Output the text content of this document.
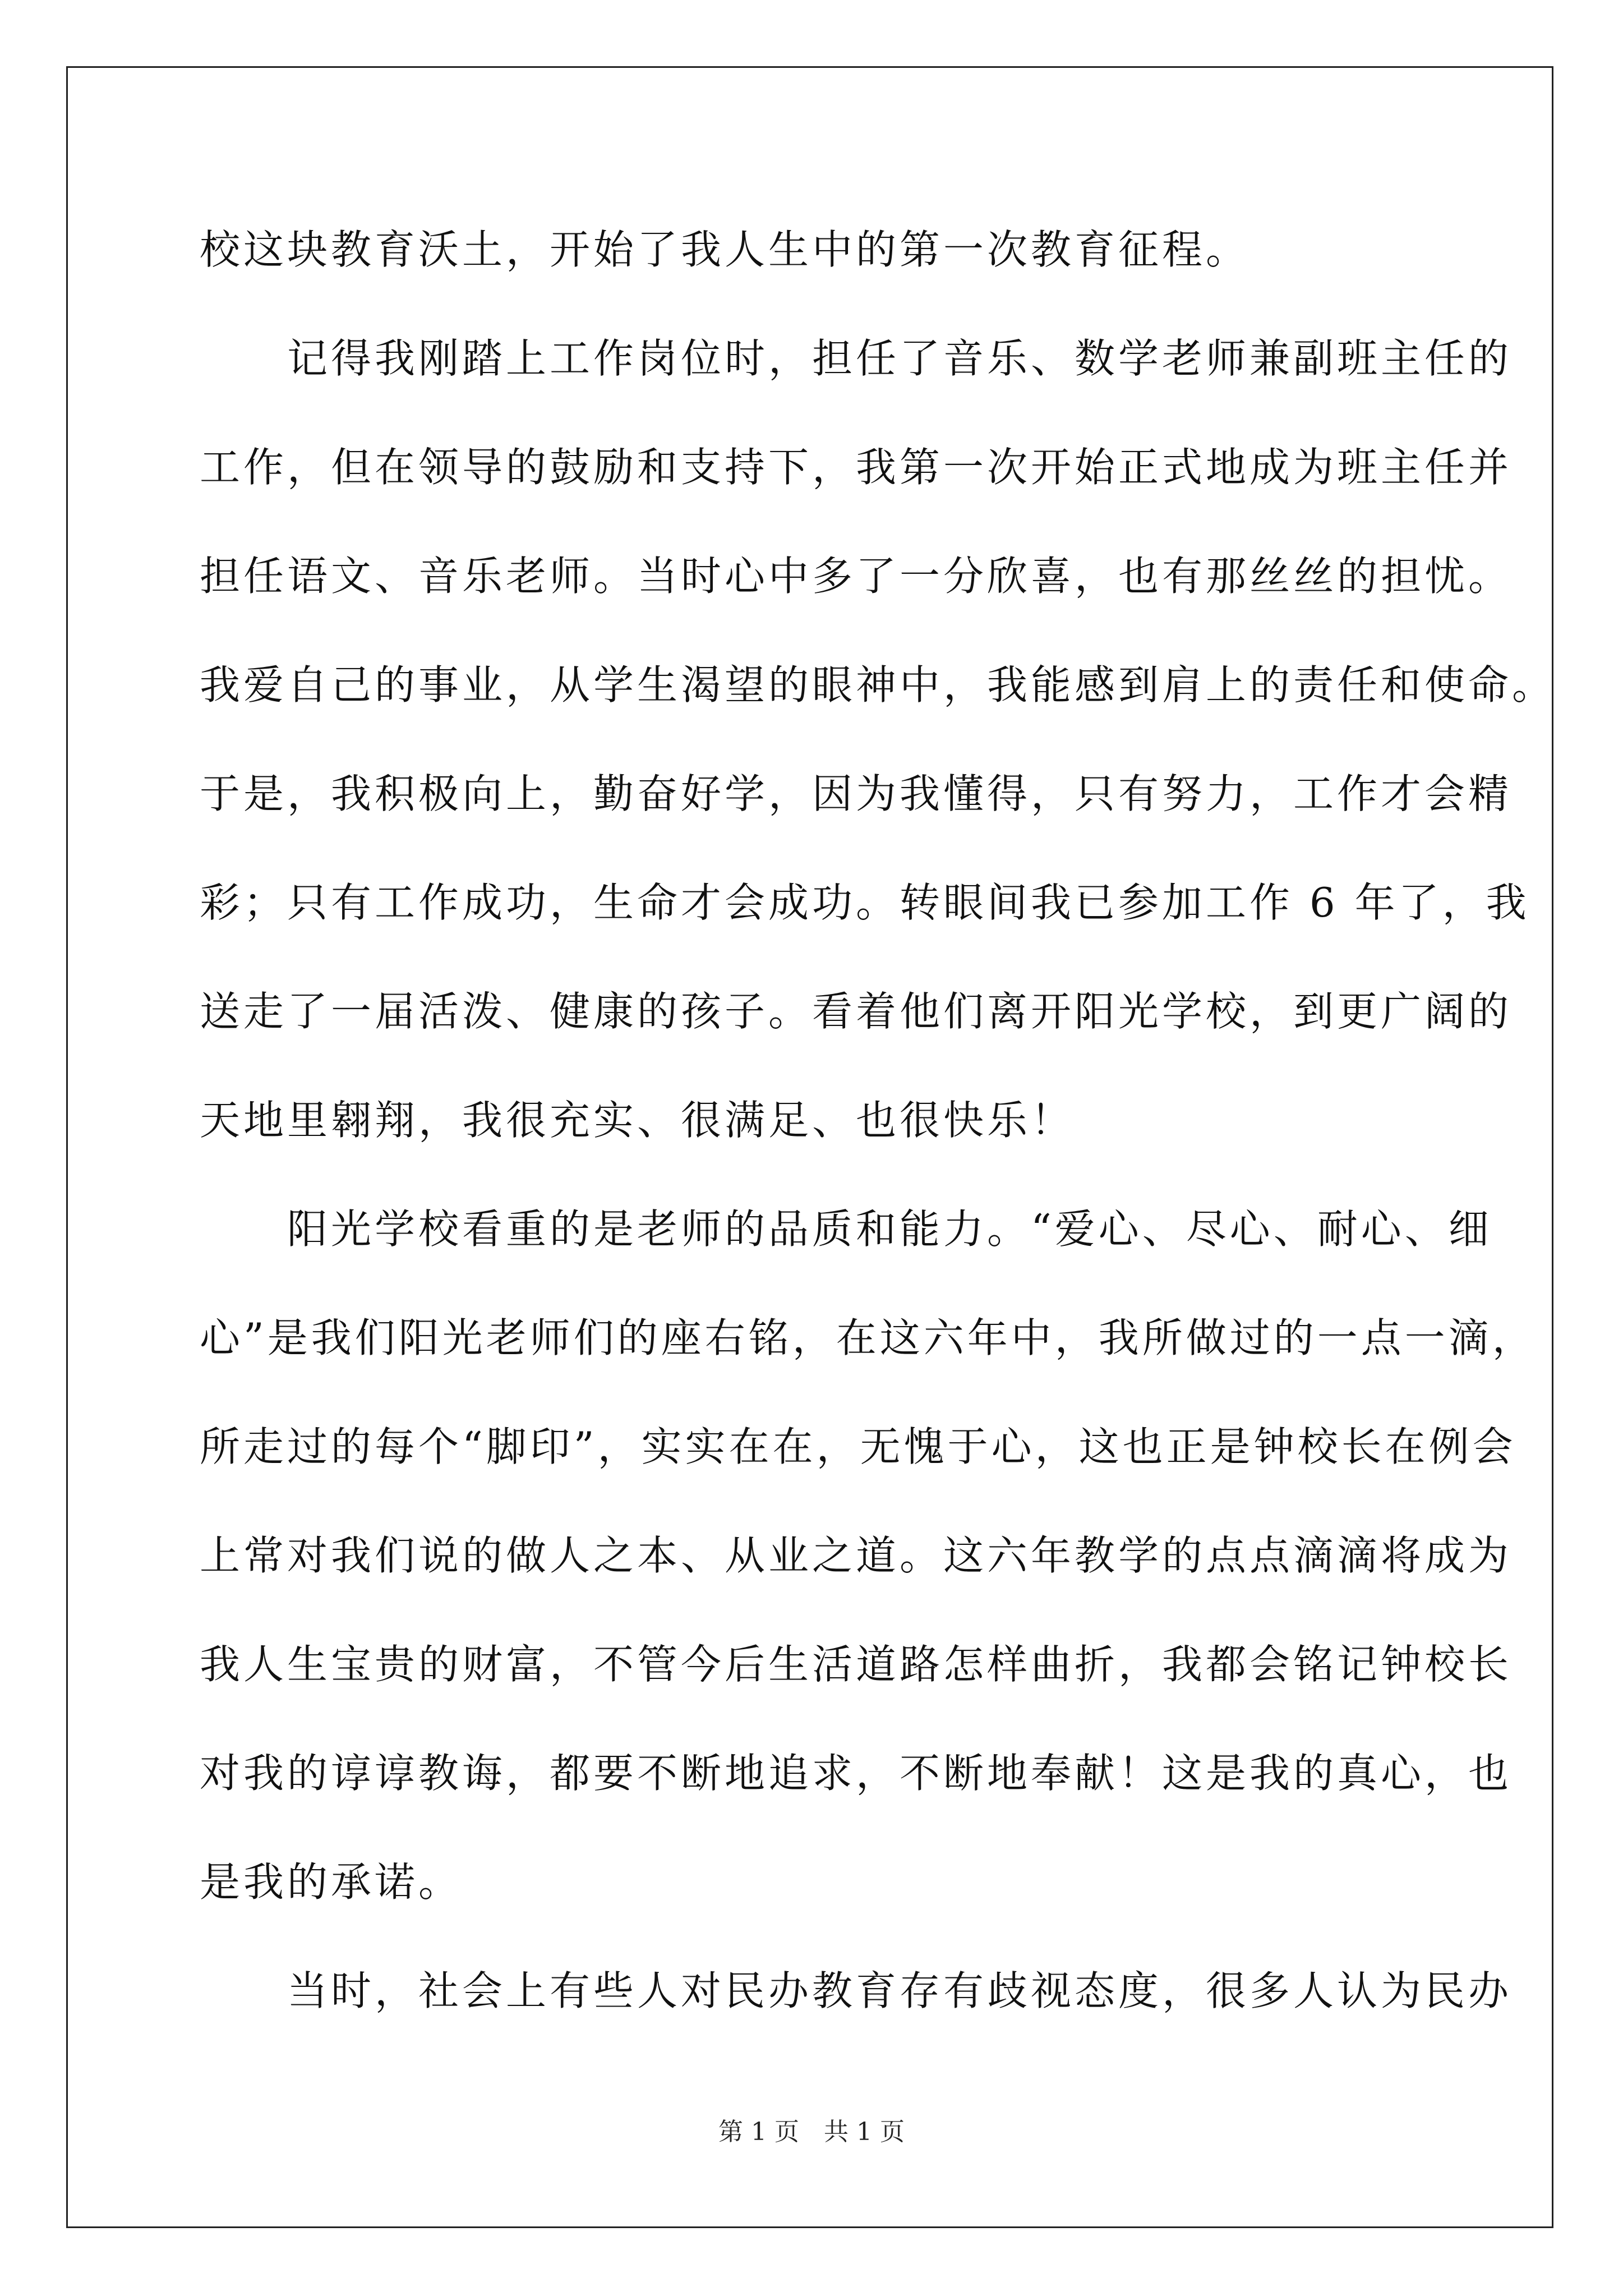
校这块教育沃土，开始了我人生中的第一次教育征程。
　　记得我刚踏上工作岗位时，担任了音乐、数学老师兼副班主任的
工作，但在领导的鼓励和支持下，我第一次开始正式地成为班主任并
担任语文、音乐老师。当时心中多了一分欣喜，也有那丝丝的担忧。
我爱自己的事业，从学生渴望的眼神中，我能感到肩上的责任和使命。
于是，我积极向上，勤奋好学，因为我懂得，只有努力，工作才会精
彩；只有工作成功，生命才会成功。转眼间我已参加工作 6 年了，我
送走了一届活泼、健康的孩子。看着他们离开阳光学校，到更广阔的
天地里翱翔，我很充实、很满足、也很快乐！
　　阳光学校看重的是老师的品质和能力。“爱心、尽心、耐心、细
心”是我们阳光老师们的座右铭，在这六年中，我所做过的一点一滴，
所走过的每个“脚印”，实实在在，无愧于心，这也正是钟校长在例会
上常对我们说的做人之本、从业之道。这六年教学的点点滴滴将成为
我人生宝贵的财富，不管今后生活道路怎样曲折，我都会铭记钟校长
对我的谆谆教诲，都要不断地追求，不断地奉献！这是我的真心，也
是我的承诺。
　　当时，社会上有些人对民办教育存有歧视态度，很多人认为民办
第 1 页　共 1 页
